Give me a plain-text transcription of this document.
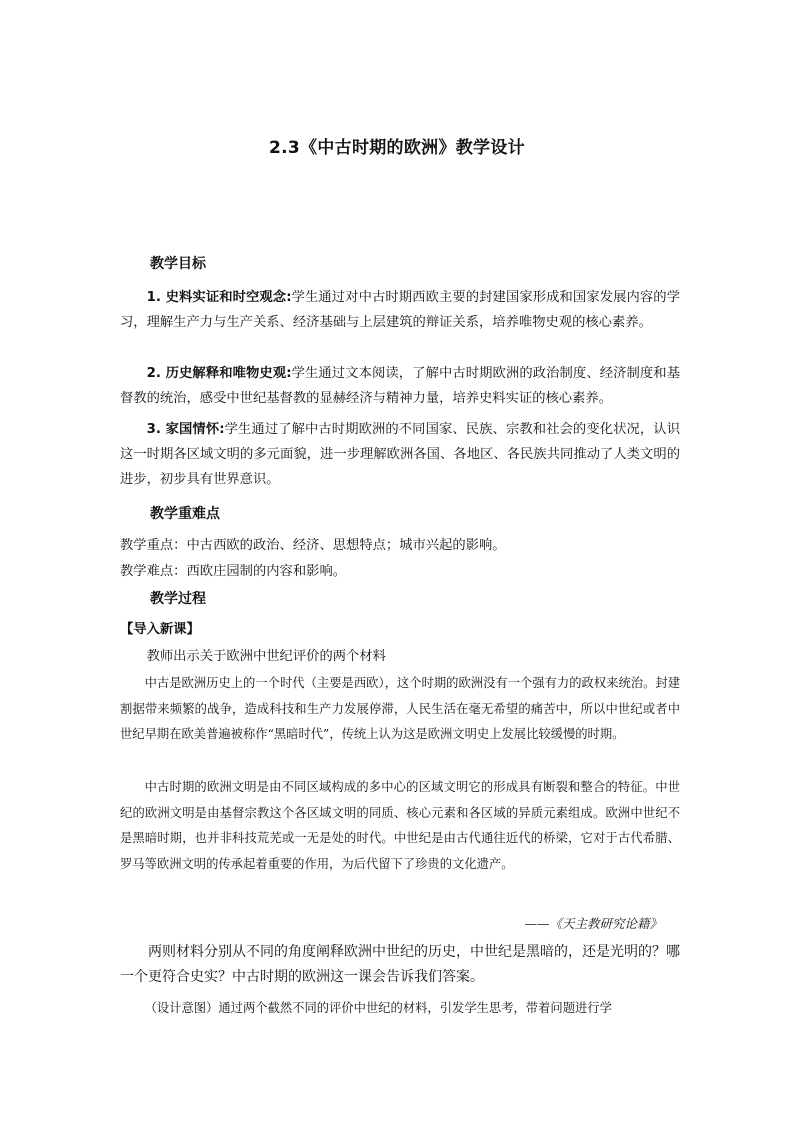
2.3《中古时期的欧洲》教学设计
教学目标
1. 史料实证和时空观念:学生通过对中古时期西欧主要的封建国家形成和国家发展内容的学习，理解生产力与生产关系、经济基础与上层建筑的辩证关系，培养唯物史观的核心素养。
2. 历史解释和唯物史观:学生通过文本阅读，了解中古时期欧洲的政治制度、经济制度和基督教的统治，感受中世纪基督教的显赫经济与精神力量，培养史料实证的核心素养。
3. 家国情怀:学生通过了解中古时期欧洲的不同国家、民族、宗教和社会的变化状况，认识这一时期各区域文明的多元面貌，进一步理解欧洲各国、各地区、各民族共同推动了人类文明的进步，初步具有世界意识。
教学重难点
教学重点：中古西欧的政治、经济、思想特点；城市兴起的影响。
教学难点：西欧庄园制的内容和影响。
教学过程
【导入新课】
教师出示关于欧洲中世纪评价的两个材料
中古是欧洲历史上的一个时代（主要是西欧），这个时期的欧洲没有一个强有力的政权来统治。封建割据带来频繁的战争，造成科技和生产力发展停滞，人民生活在毫无希望的痛苦中，所以中世纪或者中世纪早期在欧美普遍被称作“黑暗时代”，传统上认为这是欧洲文明史上发展比较缓慢的时期。
中古时期的欧洲文明是由不同区域构成的多中心的区域文明它的形成具有断裂和整合的特征。中世纪的欧洲文明是由基督宗教这个各区域文明的同质、核心元素和各区域的异质元素组成。欧洲中世纪不是黑暗时期，也并非科技荒芜或一无是处的时代。中世纪是由古代通往近代的桥梁，它对于古代希腊、罗马等欧洲文明的传承起着重要的作用，为后代留下了珍贵的文化遗产。
——《天主教研究论籍》
两则材料分别从不同的角度阐释欧洲中世纪的历史，中世纪是黑暗的，还是光明的？哪一个更符合史实？中古时期的欧洲这一课会告诉我们答案。
（设计意图）通过两个截然不同的评价中世纪的材料，引发学生思考，带着问题进行学
